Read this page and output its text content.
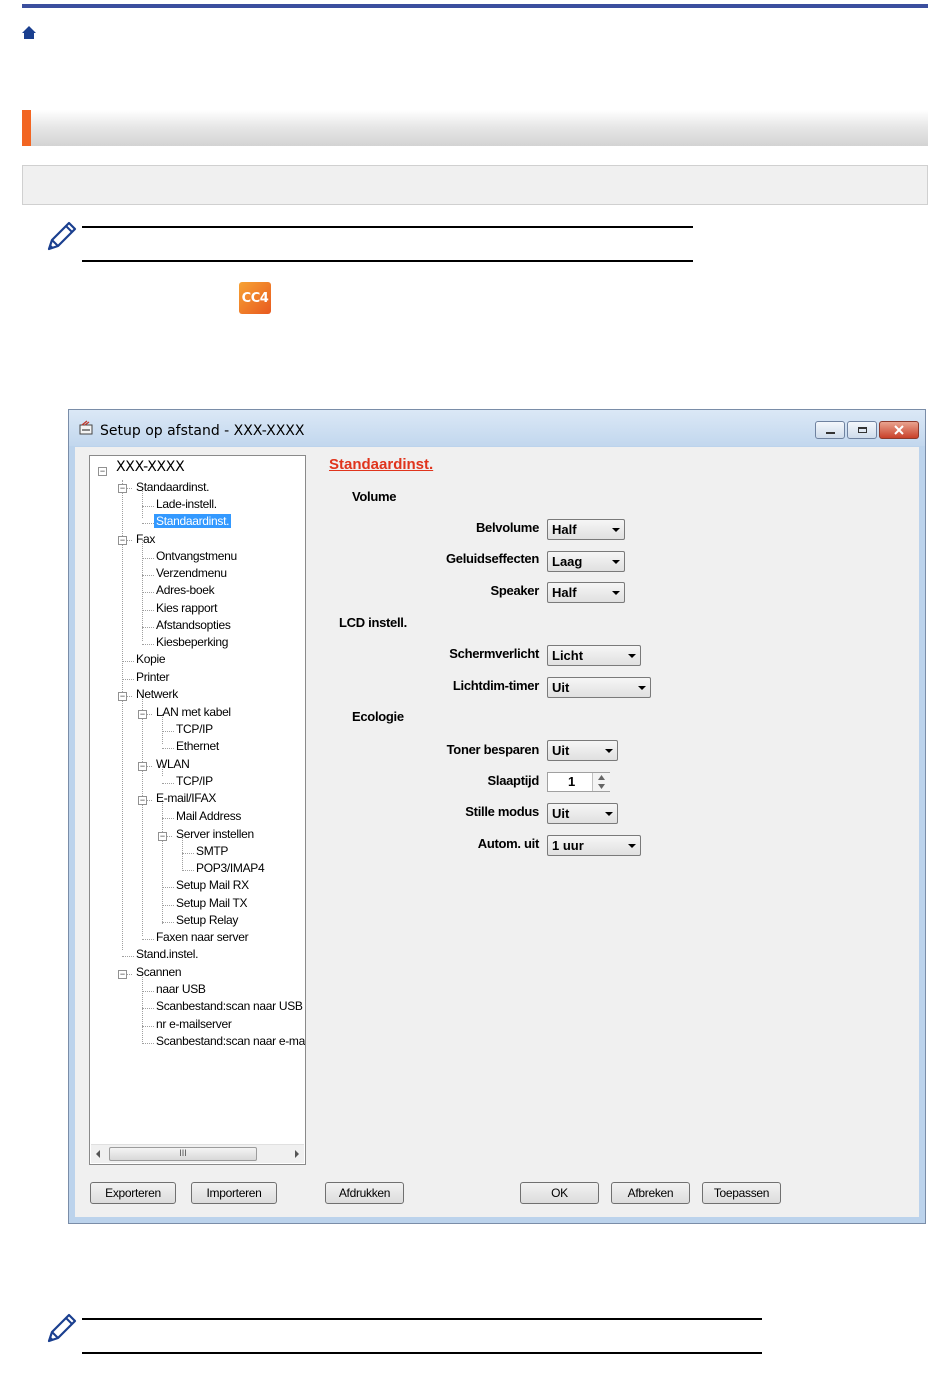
CC4
Setup op afstand - XXX-XXXX
−
−
−
−
−
−
−
−
−
XXX-XXXX
Standaardinst.
Lade-instell.
Standaardinst.
Fax
Ontvangstmenu
Verzendmenu
Adres-boek
Kies rapport
Afstandsopties
Kiesbeperking
Kopie
Printer
Netwerk
LAN met kabel
TCP/IP
Ethernet
WLAN
TCP/IP
E-mail/IFAX
Mail Address
Server instellen
SMTP
POP3/IMAP4
Setup Mail RX
Setup Mail TX
Setup Relay
Faxen naar server
Stand.instel.
Scannen
naar USB
Scanbestand:scan naar USB
nr e-mailserver
Scanbestand:scan naar e-ma
III
Standaardinst.
Volume
Belvolume	Half
Geluidseffecten	Laag
Speaker	Half
LCD instell.
Schermverlicht	Licht
Lichtdim-timer	Uit
Ecologie
Toner besparen	Uit
Slaaptijd 1
Stille modus	Uit
Autom. uit	1 uur
Exporteren	Importeren	Afdrukken	OK	Afbreken	Toepassen
